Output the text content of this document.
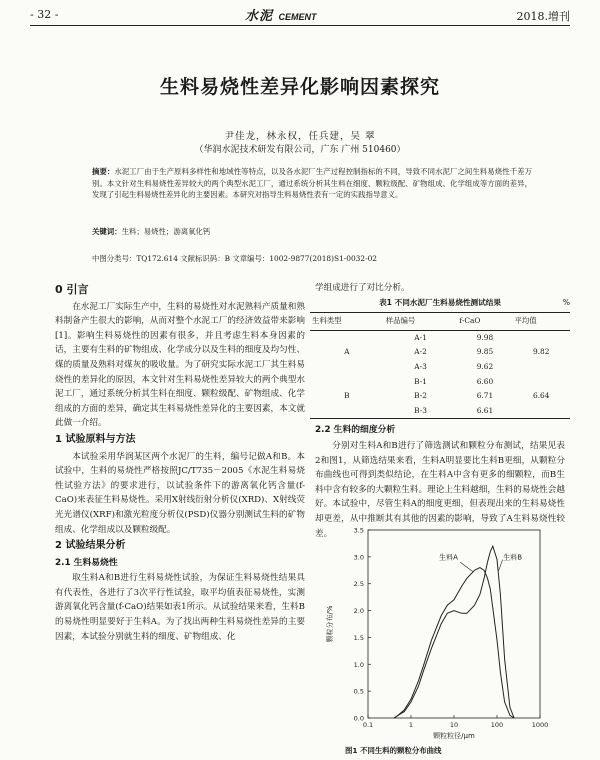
- 32 -	水泥 CEMENT	2018.增刊
生料易烧性差异化影响因素探究
尹佳龙，林永权，任兵建，吴 翠
（华润水泥技术研发有限公司，广东 广州 510460）
摘要：水泥工厂由于生产原料多样性和地域性等特点，以及各水泥厂生产过程控制指标的不同，导致不同水泥厂之间生料易烧性千差万别。本文针对生料易烧性差异较大的两个典型水泥工厂，通过系统分析其生料在细度、颗粒级配、矿物组成、化学组成等方面的差异，发现了引起生料易烧性差异化的主要因素。本研究对指导生料易烧性表有一定的实践指导意义。
关键词：生料；易烧性；游离氧化钙
中图分类号：TQ172.614 文献标识码：B 文章编号：1002-9877(2018)S1-0032-02
0 引言

在水泥工厂实际生产中，生料的易烧性对水泥熟料产质量和熟料制备产生很大的影响，从而对整个水泥工厂的经济效益带来影响[1]。影响生料易烧性的因素有很多，并且考虑生料本身因素的话，主要有生料的矿物组成、化学成分以及生料的细度及均匀性、煤的质量及熟料对煤灰的吸收量。为了研究实际水泥工厂其生料易烧性的差异化的原因，本文针对生料易烧性差异较大的两个典型水泥工厂，通过系统分析其生料在细度、颗粒级配、矿物组成、化学组成的方面的差异，确定其生料易烧性差异化的主要因素，本文就此做一介绍。

1 试验原料与方法

本试验采用华润某区两个水泥厂的生料，编号记做A和B。本试验中，生料的易烧性严格按照JC/T735－2005《水泥生料易烧性试验方法》的要求进行，以试验条件下的游离氧化钙含量(f-CaO)来表征生料易烧性。采用X射线衍射分析仪(XRD)、X射线荧光光谱仪(XRF)和激光粒度分析仪(PSD)仪器分别测试生料的矿物组成、化学组成以及颗粒级配。

2 试验结果分析
2.1 生料易烧性

取生料A和B进行生料易烧性试验，为保证生料易烧性结果具有代表性，各进行了3次平行性试验，取平均值表征易烧性，实测游离氧化钙含量(f-CaO)结果如表1所示。从试验结果来看，生料B的易烧性明显要好于生料A。为了找出两种生料易烧性差异的主要因素，本试验分别就生料的细度、矿物组成、化

学组成进行了对比分析。
表1 不同水泥厂生料易烧性测试结果	%
生料类型	样品编号	f-CaO	平均值
	A-1	9.98	
A	A-2	9.85	9.82
	A-3	9.62	
	B-1	6.60	
B	B-2	6.71	6.64
	B-3	6.61	
2.2 生料的细度分析

分别对生料A和B进行了筛选测试和颗粒分布测试，结果见表2和图1，从筛选结果来看，生料A明显要比生料B更细，从颗粒分布曲线也可得到类似结论，在生料A中含有更多的细颗粒，而B生料中含有较多的大颗粒生料。理论上生料越细，生料的易烧性会越好。本试验中，尽管生料A的细度更细，但表现出来的生料易烧性却更差，从中推断其有其他的因素的影响，导致了A生料易烧性较差。

0.0
0.5
1.0
1.5
2.0
2.5
3.0
3.5
0.1	1	10	100	1000
颗粒粒径/μm
颗粒分布/%
生料A	生料B
图1 不同生料的颗粒分布曲线
